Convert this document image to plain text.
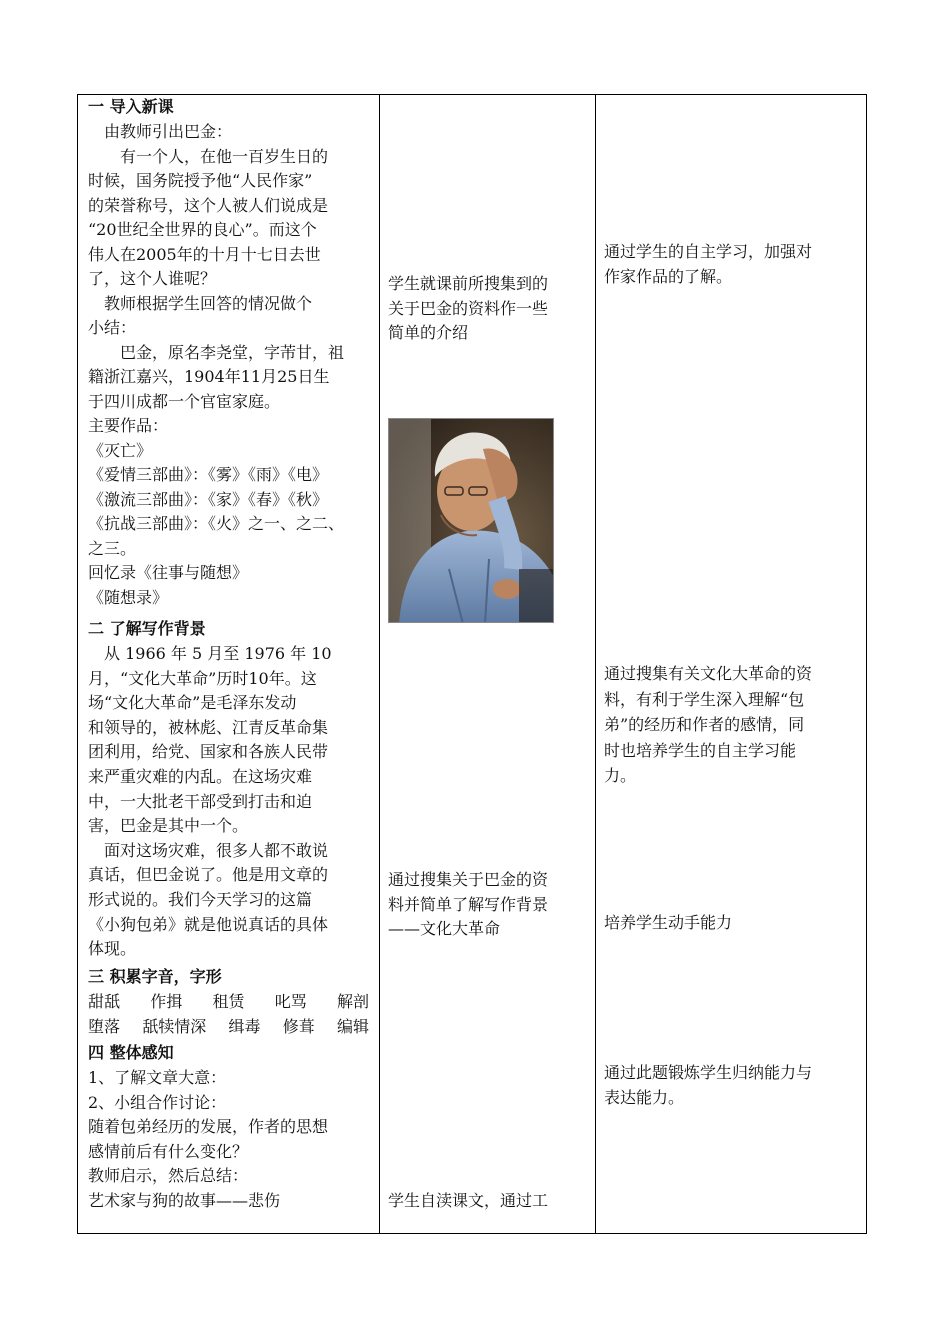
一 导入新课
　由教师引出巴金：
　　有一个人，在他一百岁生日的
时候，国务院授予他“人民作家”
的荣誉称号，这个人被人们说成是
“20世纪全世界的良心”。而这个
伟人在2005年的十月十七日去世
了，这个人谁呢？
　教师根据学生回答的情况做个
小结：
　　巴金，原名李尧堂，字芾甘，祖
籍浙江嘉兴，1904年11月25日生
于四川成都一个官宦家庭。
主要作品：
《灭亡》
《爱情三部曲》：《雾》《雨》《电》
《激流三部曲》：《家》《春》《秋》
《抗战三部曲》：《火》之一、之二、
之三。
回忆录《往事与随想》
《随想录》
二 了解写作背景
　从 1966 年 5 月至 1976 年 10
月，“文化大革命”历时10年。这
场“文化大革命”是毛泽东发动
和领导的，被林彪、江青反革命集
团利用，给党、国家和各族人民带
来严重灾难的内乱。在这场灾难
中，一大批老干部受到打击和迫
害，巴金是其中一个。
　面对这场灾难，很多人都不敢说
真话，但巴金说了。他是用文章的
形式说的。我们今天学习的这篇
《小狗包弟》就是他说真话的具体
体现。
三 积累字音，字形
甜舐 作揖 租赁 叱骂 解剖
堕落 舐犊情深 缉毒 修葺 编辑
四 整体感知
1、了解文章大意：
2、小组合作讨论：
随着包弟经历的发展，作者的思想
感情前后有什么变化？
教师启示，然后总结：
艺术家与狗的故事——悲伤
学生就课前所搜集到的
关于巴金的资料作一些
简单的介绍
通过搜集关于巴金的资
料并简单了解写作背景
——文化大革命
学生自渎课文，通过工
通过学生的自主学习，加强对
作家作品的了解。
通过搜集有关文化大革命的资
料，有利于学生深入理解“包
弟”的经历和作者的感情，同
时也培养学生的自主学习能
力。
培养学生动手能力
通过此题锻炼学生归纳能力与
表达能力。
